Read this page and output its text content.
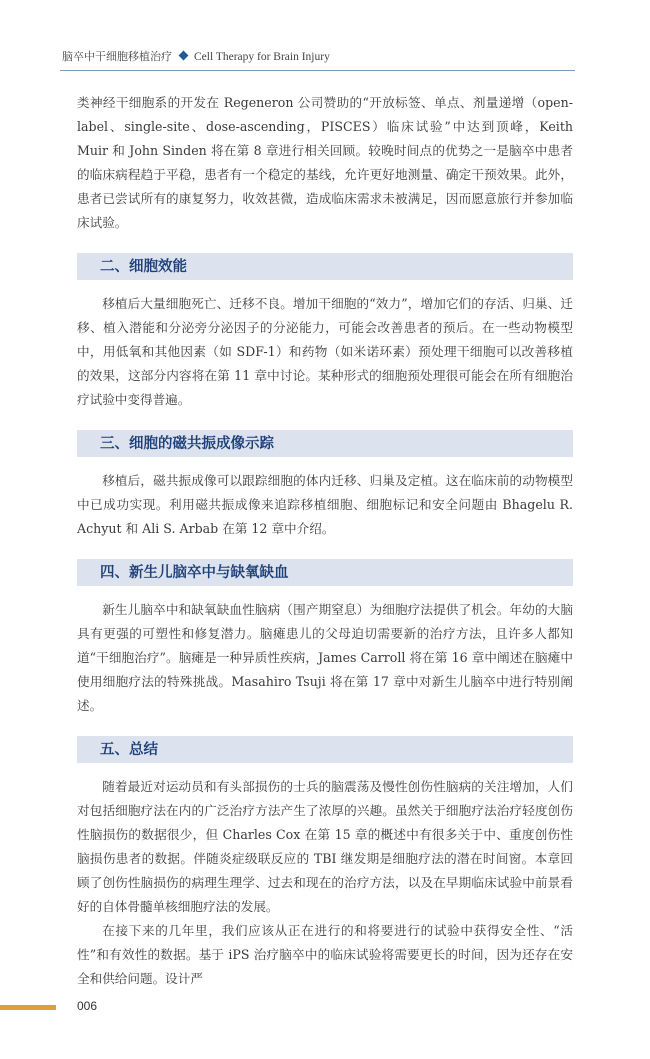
脑卒中干细胞移植治疗 Cell Therapy for Brain Injury

类神经干细胞系的开发在 Regeneron 公司赞助的“开放标签、单点、剂量递增（open-label、single-site、dose-ascending，PISCES）临床试验”中达到顶峰，Keith Muir 和 John Sinden 将在第 8 章进行相关回顾。较晚时间点的优势之一是脑卒中患者的临床病程趋于平稳，患者有一个稳定的基线，允许更好地测量、确定干预效果。此外，患者已尝试所有的康复努力，收效甚微，造成临床需求未被满足，因而愿意旅行并参加临床试验。

二、细胞效能

移植后大量细胞死亡、迁移不良。增加干细胞的“效力”，增加它们的存活、归巢、迁移、植入潜能和分泌旁分泌因子的分泌能力，可能会改善患者的预后。在一些动物模型中，用低氧和其他因素（如 SDF-1）和药物（如米诺环素）预处理干细胞可以改善移植的效果，这部分内容将在第 11 章中讨论。某种形式的细胞预处理很可能会在所有细胞治疗试验中变得普遍。

三、细胞的磁共振成像示踪

移植后，磁共振成像可以跟踪细胞的体内迁移、归巢及定植。这在临床前的动物模型中已成功实现。利用磁共振成像来追踪移植细胞、细胞标记和安全问题由 Bhagelu R. Achyut 和 Ali S. Arbab 在第 12 章中介绍。

四、新生儿脑卒中与缺氧缺血

新生儿脑卒中和缺氧缺血性脑病（围产期窒息）为细胞疗法提供了机会。年幼的大脑具有更强的可塑性和修复潜力。脑瘫患儿的父母迫切需要新的治疗方法，且许多人都知道“干细胞治疗”。脑瘫是一种异质性疾病，James Carroll 将在第 16 章中阐述在脑瘫中使用细胞疗法的特殊挑战。Masahiro Tsuji 将在第 17 章中对新生儿脑卒中进行特别阐述。

五、总结

随着最近对运动员和有头部损伤的士兵的脑震荡及慢性创伤性脑病的关注增加，人们对包括细胞疗法在内的广泛治疗方法产生了浓厚的兴趣。虽然关于细胞疗法治疗轻度创伤性脑损伤的数据很少，但 Charles Cox 在第 15 章的概述中有很多关于中、重度创伤性脑损伤患者的数据。伴随炎症级联反应的 TBI 继发期是细胞疗法的潜在时间窗。本章回顾了创伤性脑损伤的病理生理学、过去和现在的治疗方法，以及在早期临床试验中前景看好的自体骨髓单核细胞疗法的发展。

在接下来的几年里，我们应该从正在进行的和将要进行的试验中获得安全性、“活性”和有效性的数据。基于 iPS 治疗脑卒中的临床试验将需要更长的时间，因为还存在安全和供给问题。设计严

006
